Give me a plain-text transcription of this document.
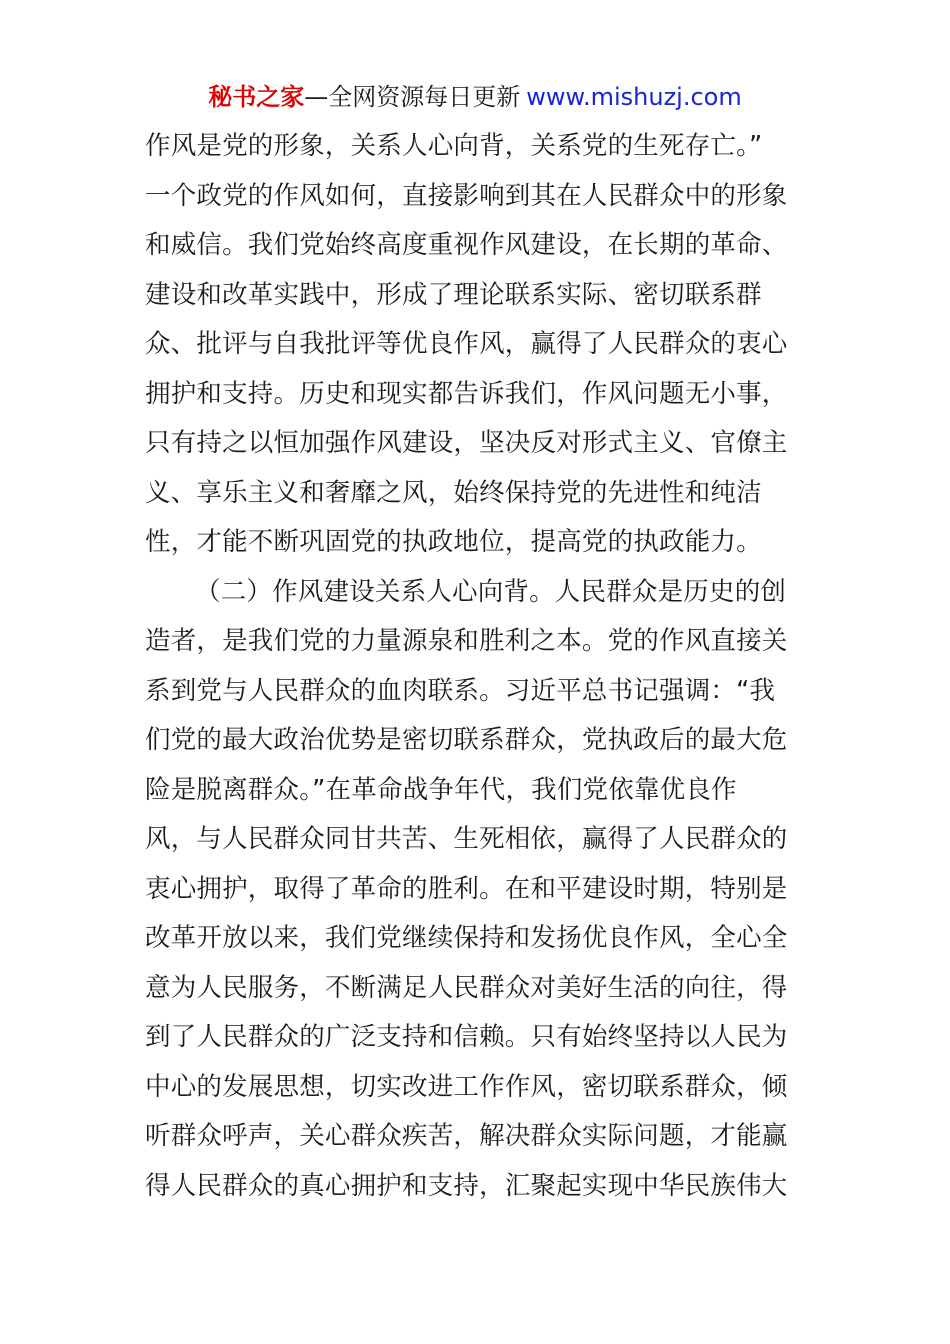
秘书之家—全网资源每日更新 www.mishuzj.com
作风是党的形象，关系人心向背，关系党的生死存亡。”
一个政党的作风如何，直接影响到其在人民群众中的形象
和威信。我们党始终高度重视作风建设，在长期的革命、
建设和改革实践中，形成了理论联系实际、密切联系群
众、批评与自我批评等优良作风，赢得了人民群众的衷心
拥护和支持。历史和现实都告诉我们，作风问题无小事，
只有持之以恒加强作风建设，坚决反对形式主义、官僚主
义、享乐主义和奢靡之风，始终保持党的先进性和纯洁
性，才能不断巩固党的执政地位，提高党的执政能力。
（二）作风建设关系人心向背。人民群众是历史的创
造者，是我们党的力量源泉和胜利之本。党的作风直接关
系到党与人民群众的血肉联系。习近平总书记强调：“我
们党的最大政治优势是密切联系群众，党执政后的最大危
险是脱离群众。”在革命战争年代，我们党依靠优良作
风，与人民群众同甘共苦、生死相依，赢得了人民群众的
衷心拥护，取得了革命的胜利。在和平建设时期，特别是
改革开放以来，我们党继续保持和发扬优良作风，全心全
意为人民服务，不断满足人民群众对美好生活的向往，得
到了人民群众的广泛支持和信赖。只有始终坚持以人民为
中心的发展思想，切实改进工作作风，密切联系群众，倾
听群众呼声，关心群众疾苦，解决群众实际问题，才能赢
得人民群众的真心拥护和支持，汇聚起实现中华民族伟大
